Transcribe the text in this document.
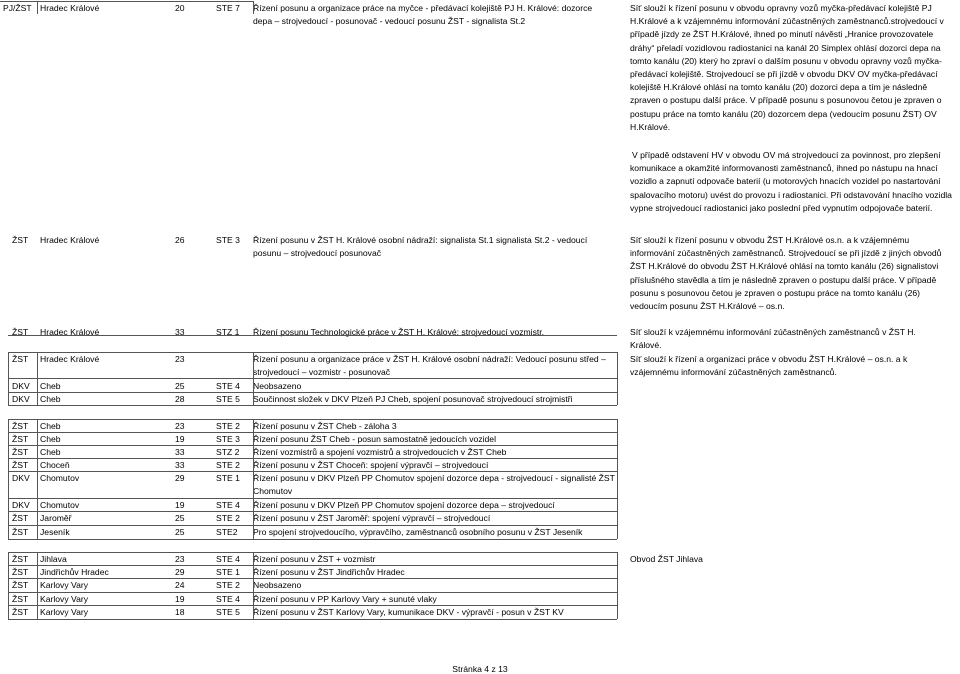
PJ/ŽST Hradec Králové	20	STE 7 Řízení posunu a organizace práce na myčce - předávací kolejiště PJ H. Králové: dozorce depa – strojvedoucí - posunovač - vedoucí posunu ŽST - signalista St.2
Síť slouží k řízení posunu v obvodu opravny vozů myčka-předávací kolejiště PJ H.Králové a k vzájemnému informování zúčastněných zaměstnanců.strojvedoucí v případě jízdy ze ŽST H.Králové, ihned po minutí návěsti „Hranice provozovatele dráhy“ přeladí vozidlovou radiostanici na kanál 20 Simplex ohlásí dozorci depa na tomto kanálu (20) který ho zpraví o dalším posunu v obvodu opravny vozů myčka-předávací kolejiště. Strojvedoucí se při jízdě v obvodu DKV OV myčka-předávací kolejiště H.Králové ohlásí na tomto kanálu (20) dozorci depa a tím je následně zpraven o postupu další práce. V případě posunu s posunovou četou je zpraven o postupu práce na tomto kanálu (20) dozorcem depa (vedoucím posunu ŽST) OV H.Králové.
V případě odstavení HV v obvodu OV má strojvedoucí za povinnost, pro zlepšení komunikace a okamžité informovanosti zaměstnanců, ihned po nástupu na hnací vozidlo a zapnutí odpovače baterií (u motorových hnacích vozidel po nastartování spalovacího motoru) uvést do provozu i radiostanici. Při odstavování hnacího vozidla vypne strojvedoucí radiostanici jako poslední před vypnutím odpojovače baterií.
ŽST Hradec Králové	26	STE 3 Řízení posunu v ŽST H. Králové osobní nádraží: signalista St.1 signalista St.2 - vedoucí posunu – strojvedoucí posunovač
Síť slouží k řízení posunu v obvodu ŽST H.Králové os.n. a k vzájemnému informování zúčastněných zaměstnanců. Strojvedoucí se při jízdě z jiných obvodů ŽST H.Králové do obvodu ŽST H.Králové ohlásí na tomto kanálu (26) signalistovi příslušného stavědla a tím je následně zpraven o postupu další práce. V případě posunu s posunovou četou je zpraven o postupu práce na tomto kanálu (26) vedoucím posunu ŽST H.Králové – os.n.
ŽST Hradec Králové	33	STZ 1 Řízení posunu Technologické práce v ŽST H. Králové: strojvedoucí vozmistr.	Síť slouží k vzájemnému informování zúčastněných zaměstnanců v ŽST H. Králové.
ŽST Hradec Králové	23	Řízení posunu a organizace práce v ŽST H. Králové osobní nádraží: Vedoucí posunu střed – strojvedoucí – vozmistr - posunovač
Síť slouží k řízení a organizaci práce v obvodu ŽST H.Králové – os.n. a k vzájemnému informování zúčastněných zaměstnanců.
DKV Cheb	25	STE 4 Neobsazeno
DKV Cheb	28	STE 5 Součinnost složek v DKV Plzeň PJ Cheb, spojení posunovač strojvedoucí strojmistři
ŽST Cheb	23	STE 2 Řízení posunu v ŽST Cheb - záloha 3
ŽST Cheb	19	STE 3 Řízení posunu ŽST Cheb - posun samostatně jedoucích vozidel
ŽST Cheb	33	STZ 2 Řízení vozmistrů a spojení vozmistrů a strojvedoucích v ŽST Cheb
ŽST Choceň	33	STE 2 Řízení posunu v ŽST Choceň: spojení výpravčí – strojvedoucí
DKV Chomutov	29	STE 1 Řízení posunu v DKV Plzeň PP Chomutov spojení dozorce depa - strojvedoucí - signalisté ŽST Chomutov
DKV Chomutov	19	STE 4 Řízení posunu v DKV Plzeň PP Chomutov spojení dozorce depa – strojvedoucí
ŽST Jaroměř	25	STE 2 Řízení posunu v ŽST Jaroměř: spojení výpravčí – strojvedoucí
ŽST Jeseník	25	STE2 Pro spojení strojvedoucího, výpravčího, zaměstnanců osobního posunu v ŽST Jeseník
ŽST Jihlava	23	STE 4 Řízení posunu v ŽST + vozmistr	Obvod ŽST Jihlava
ŽST Jindřichův Hradec	29	STE 1 Řízení posunu v ŽST Jindřichův Hradec
ŽST Karlovy Vary	24	STE 2 Neobsazeno
ŽST Karlovy Vary	19	STE 4 Řízení posunu v PP Karlovy Vary + sunuté vlaky
ŽST Karlovy Vary	18	STE 5 Řízení posunu v ŽST Karlovy Vary, kumunikace DKV - výpravčí - posun v ŽST KV
Stránka 4 z 13
